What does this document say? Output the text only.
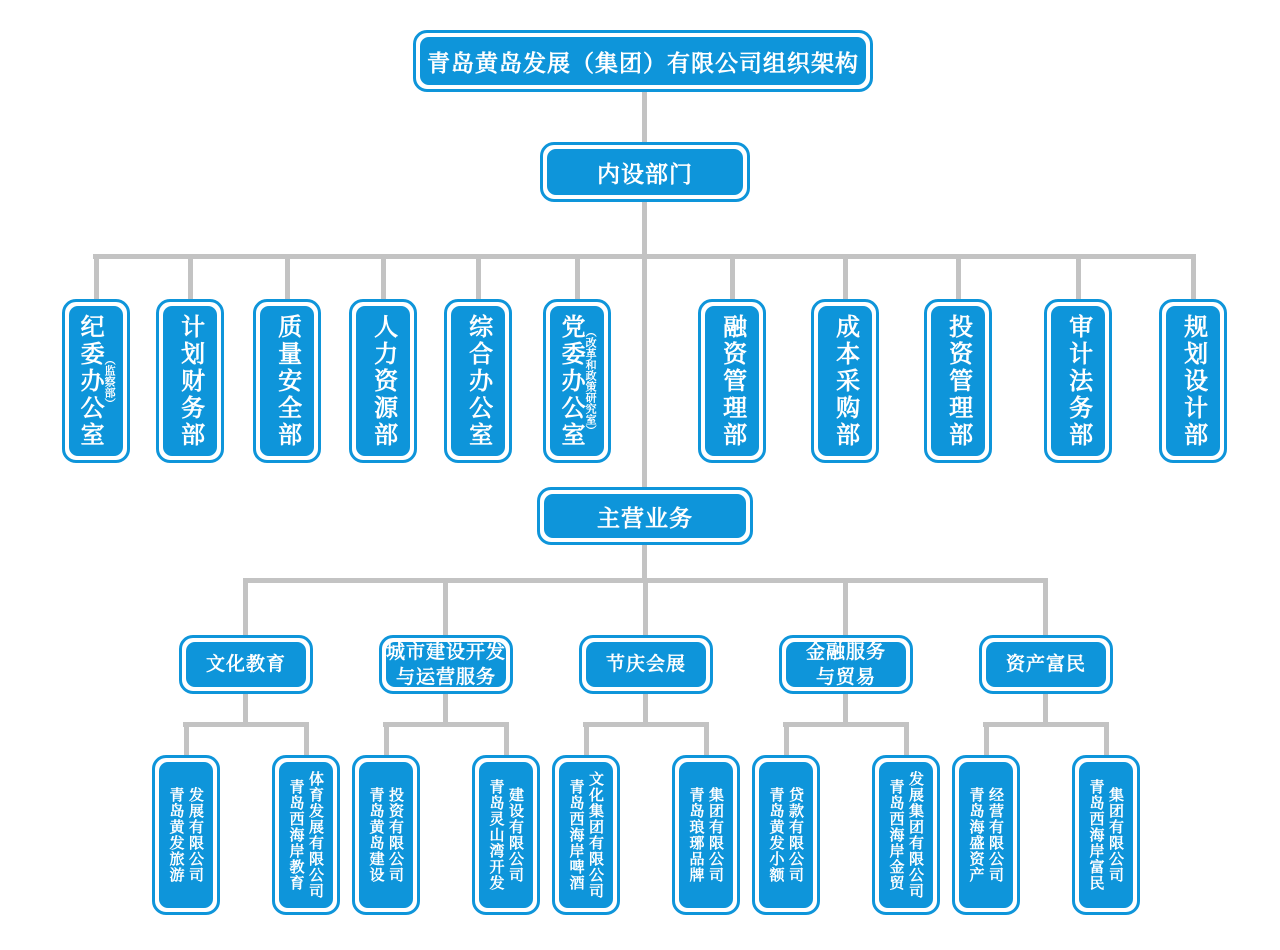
青岛黄岛发展（集团）有限公司组织架构
内设部门
纪委办公室 （监察部）	计划财务部	质量安全部	人力资源部	综合办公室	党委办公室 （改革和政策研究室）	融资管理部	成本采购部	投资管理部	审计法务部	规划设计部
主营业务
文化教育
城市建设开发
与运营服务
节庆会展
金融服务
与贸易
资产富民
青岛黄发旅游 发展有限公司	青岛西海岸教育 体育发展有限公司	青岛黄岛建设 投资有限公司	青岛灵山湾开发 建设有限公司	青岛西海岸啤酒 文化集团有限公司	青岛琅琊品牌 集团有限公司	青岛黄发小额 贷款有限公司	青岛西海岸金贸 发展集团有限公司	青岛海盛资产 经营有限公司	青岛西海岸富民 集团有限公司
